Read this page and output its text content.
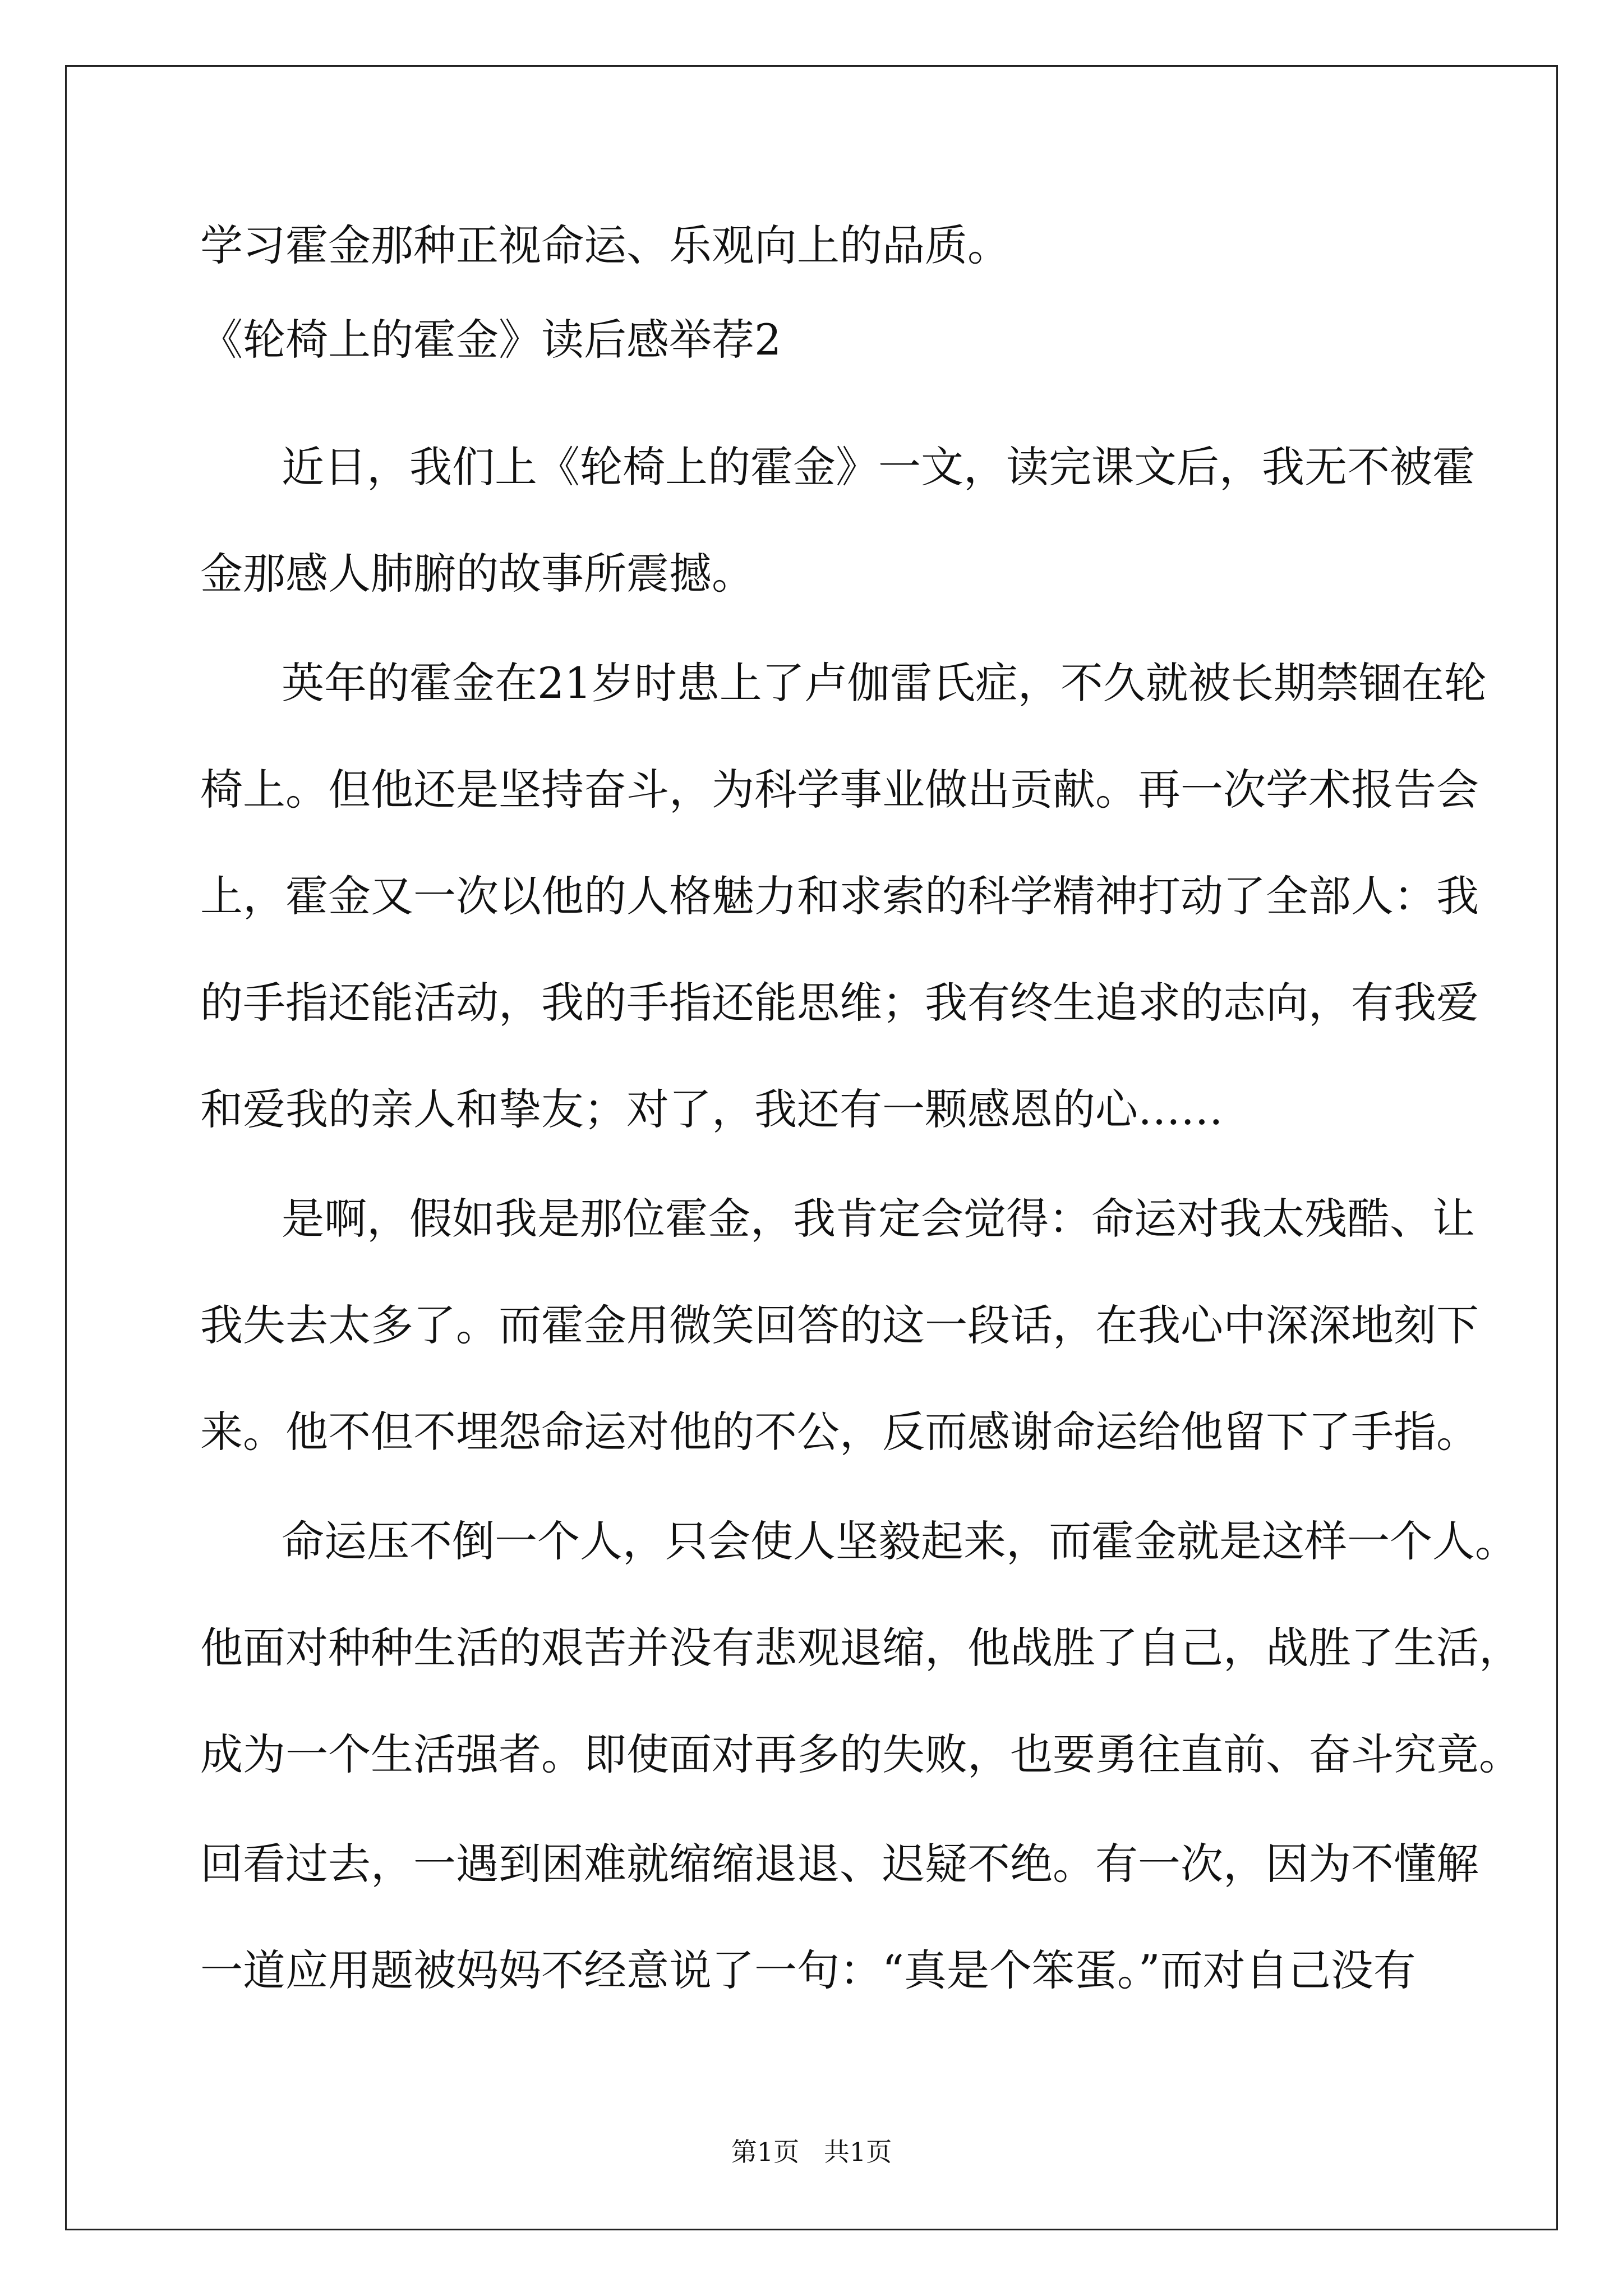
学习霍金那种正视命运、乐观向上的品质。
《轮椅上的霍金》读后感举荐2
近日，我们上《轮椅上的霍金》一文，读完课文后，我无不被霍
金那感人肺腑的故事所震撼。
英年的霍金在21岁时患上了卢伽雷氏症，不久就被长期禁锢在轮
椅上。但他还是坚持奋斗，为科学事业做出贡献。再一次学术报告会
上，霍金又一次以他的人格魅力和求索的科学精神打动了全部人：我
的手指还能活动，我的手指还能思维；我有终生追求的志向，有我爱
和爱我的亲人和挚友；对了，我还有一颗感恩的心……
是啊，假如我是那位霍金，我肯定会觉得：命运对我太残酷、让
我失去太多了。而霍金用微笑回答的这一段话，在我心中深深地刻下
来。他不但不埋怨命运对他的不公，反而感谢命运给他留下了手指。
命运压不倒一个人，只会使人坚毅起来，而霍金就是这样一个人。
他面对种种生活的艰苦并没有悲观退缩，他战胜了自己，战胜了生活，
成为一个生活强者。即使面对再多的失败，也要勇往直前、奋斗究竟。
回看过去，一遇到困难就缩缩退退、迟疑不绝。有一次，因为不懂解
一道应用题被妈妈不经意说了一句：“真是个笨蛋。”而对自己没有
第1页   共1页
